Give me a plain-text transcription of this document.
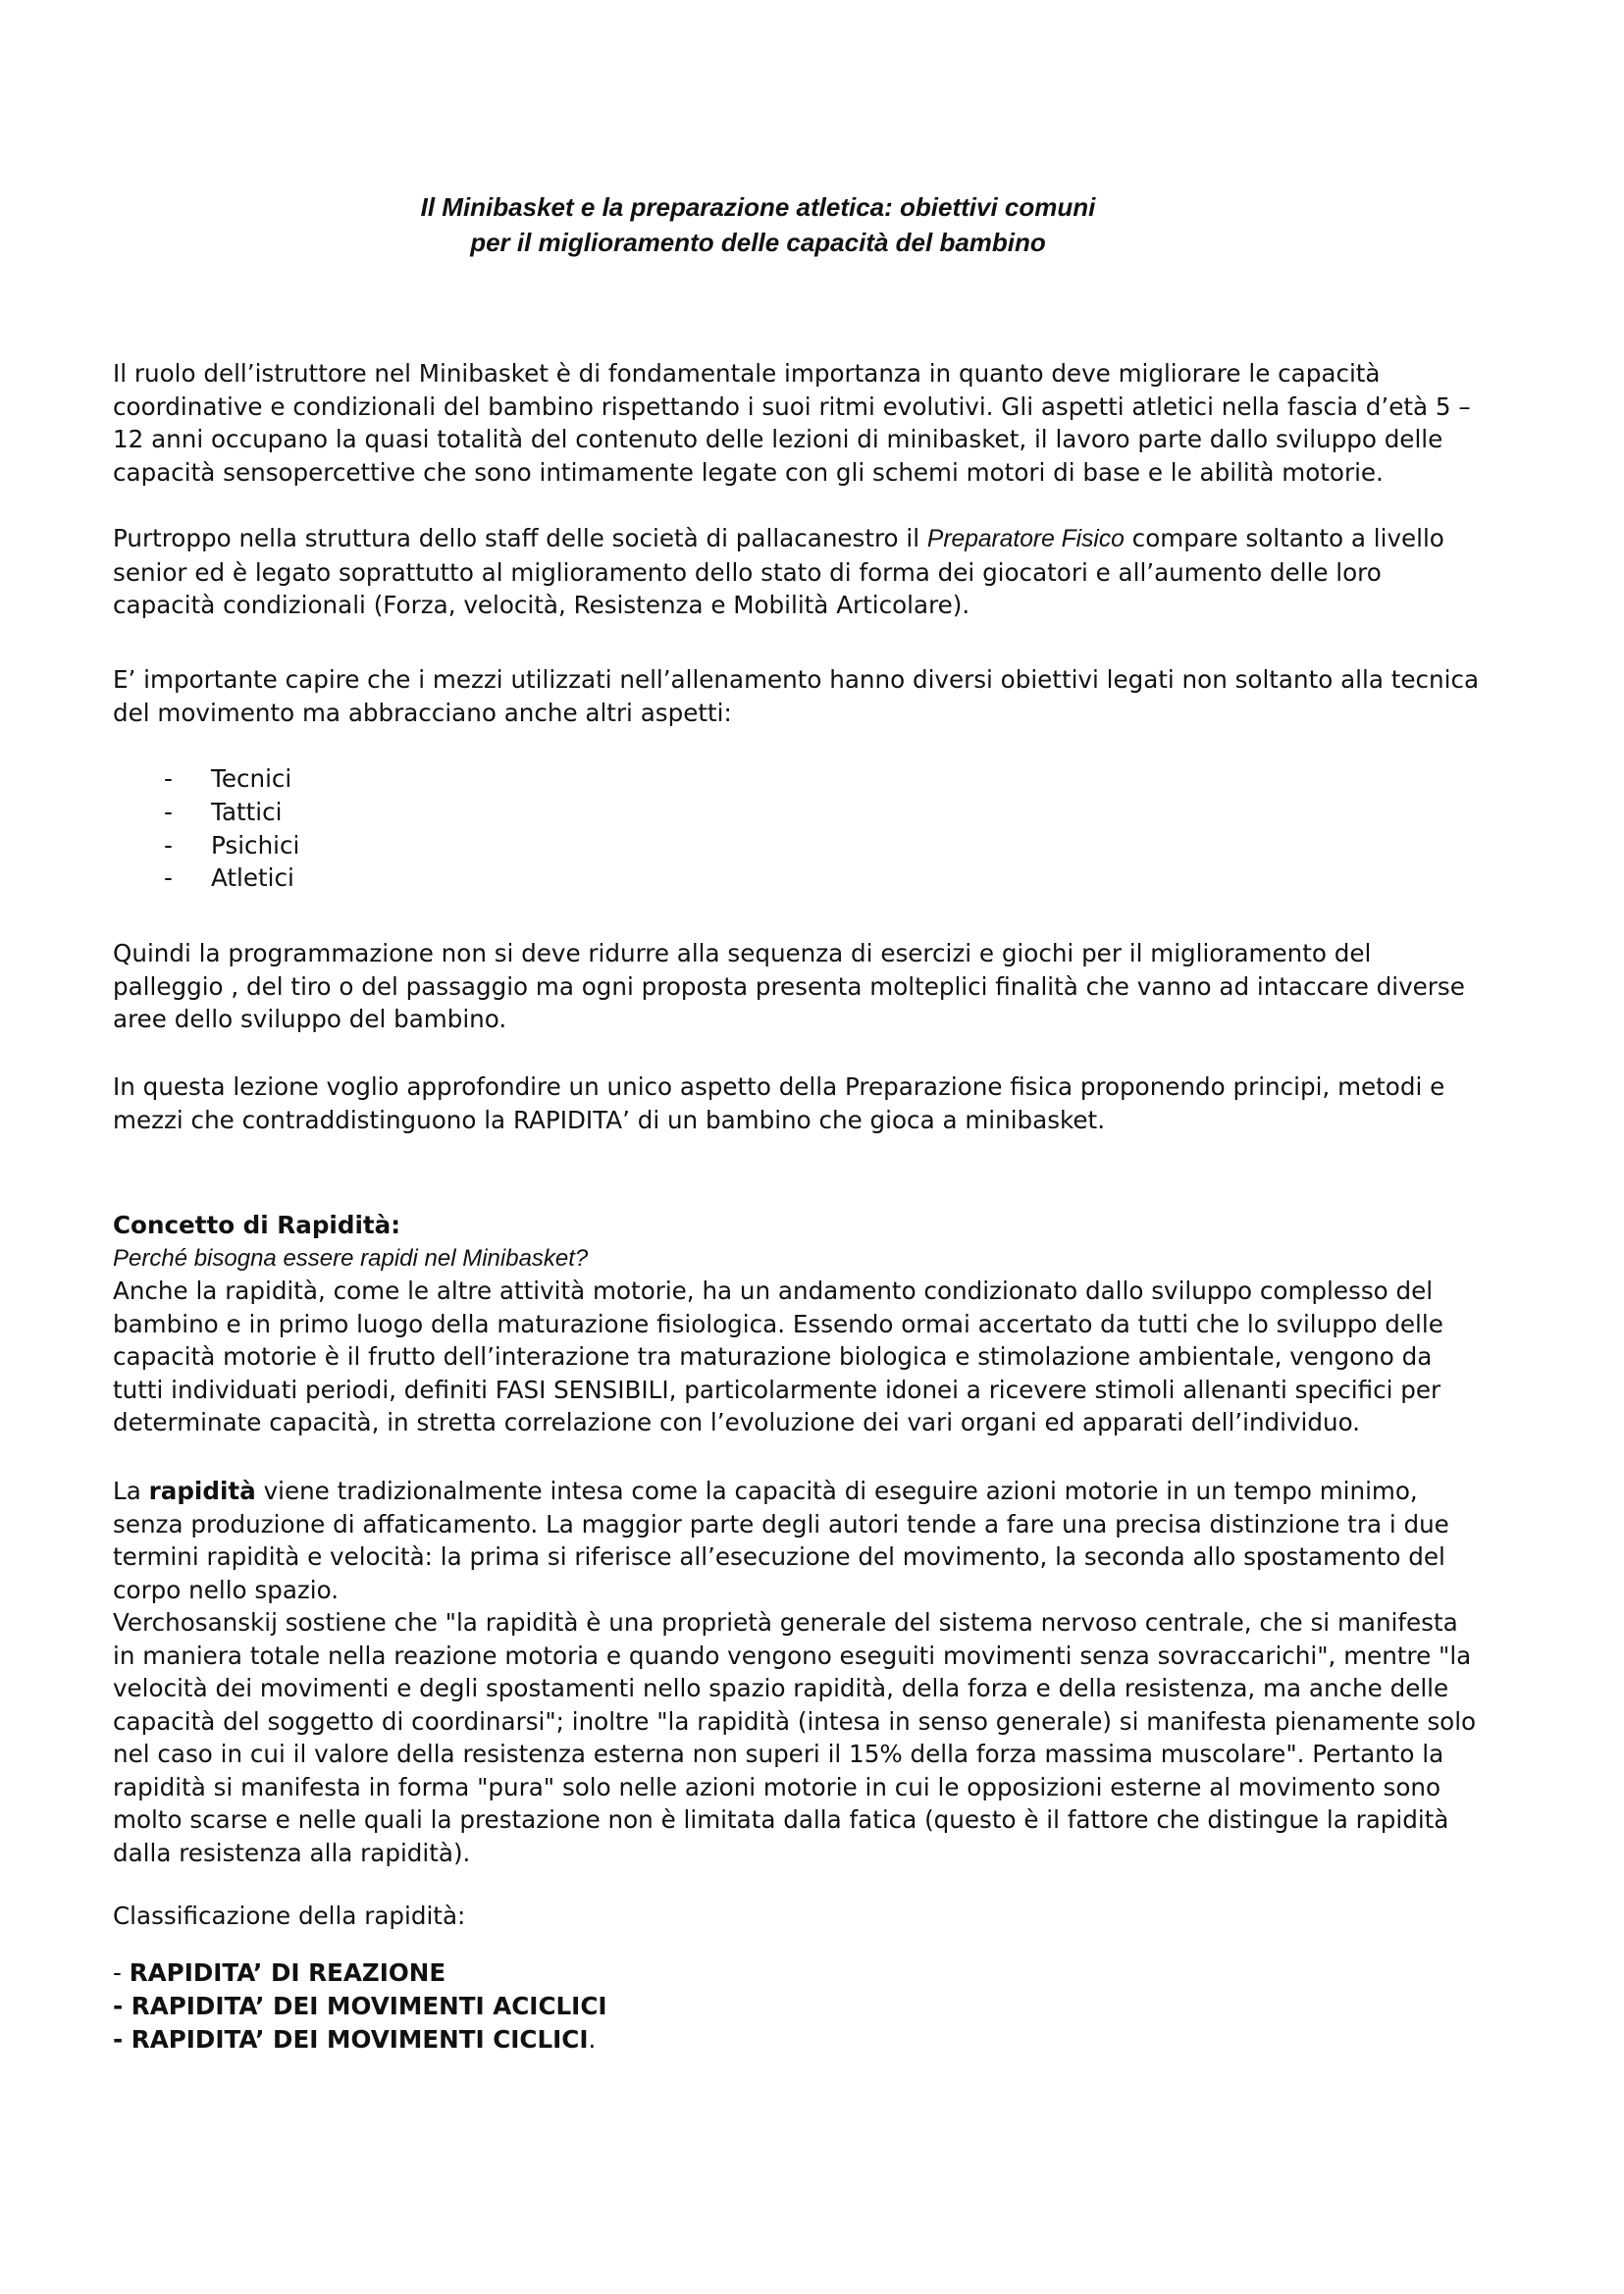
Il Minibasket e la preparazione atletica: obiettivi comuni
per il miglioramento delle capacità del bambino

Il ruolo dell’istruttore nel Minibasket è di fondamentale importanza in quanto deve migliorare le capacità coordinative e condizionali del bambino rispettando i suoi ritmi evolutivi. Gli aspetti atletici nella fascia d’età 5 – 12 anni occupano la quasi totalità del contenuto delle lezioni di minibasket, il lavoro parte dallo sviluppo delle capacità sensopercettive che sono intimamente legate con gli schemi motori di base e le abilità motorie.

Purtroppo nella struttura dello staff delle società di pallacanestro il Preparatore Fisico compare soltanto a livello senior ed è legato soprattutto al miglioramento dello stato di forma dei giocatori e all’aumento delle loro capacità condizionali (Forza, velocità, Resistenza e Mobilità Articolare).

E’ importante capire che i mezzi utilizzati nell’allenamento hanno diversi obiettivi legati non soltanto alla tecnica del movimento ma abbracciano anche altri aspetti:

- Tecnici
- Tattici
- Psichici
- Atletici

Quindi la programmazione non si deve ridurre alla sequenza di esercizi e giochi per il miglioramento del palleggio , del tiro o del passaggio ma ogni proposta presenta molteplici finalità che vanno ad intaccare diverse aree dello sviluppo del bambino.

In questa lezione voglio approfondire un unico aspetto della Preparazione fisica proponendo principi, metodi e mezzi che contraddistinguono la RAPIDITA’ di un bambino che gioca a minibasket.

Concetto di Rapidità:

Perché bisogna essere rapidi nel Minibasket?

Anche la rapidità, come le altre attività motorie, ha un andamento condizionato dallo sviluppo complesso del bambino e in primo luogo della maturazione fisiologica. Essendo ormai accertato da tutti che lo sviluppo delle capacità motorie è il frutto dell’interazione tra maturazione biologica e stimolazione ambientale, vengono da tutti individuati periodi, definiti FASI SENSIBILI, particolarmente idonei a ricevere stimoli allenanti specifici per determinate capacità, in stretta correlazione con l’evoluzione dei vari organi ed apparati dell’individuo.

La rapidità viene tradizionalmente intesa come la capacità di eseguire azioni motorie in un tempo minimo, senza produzione di affaticamento. La maggior parte degli autori tende a fare una precisa distinzione tra i due termini rapidità e velocità: la prima si riferisce all’esecuzione del movimento, la seconda allo spostamento del corpo nello spazio.

Verchosanskij sostiene che "la rapidità è una proprietà generale del sistema nervoso centrale, che si manifesta in maniera totale nella reazione motoria e quando vengono eseguiti movimenti senza sovraccarichi", mentre "la velocità dei movimenti e degli spostamenti nello spazio rapidità, della forza e della resistenza, ma anche delle capacità del soggetto di coordinarsi"; inoltre "la rapidità (intesa in senso generale) si manifesta pienamente solo nel caso in cui il valore della resistenza esterna non superi il 15% della forza massima muscolare". Pertanto la rapidità si manifesta in forma "pura" solo nelle azioni motorie in cui le opposizioni esterne al movimento sono molto scarse e nelle quali la prestazione non è limitata dalla fatica (questo è il fattore che distingue la rapidità dalla resistenza alla rapidità).

Classificazione della rapidità:

- RAPIDITA’ DI REAZIONE
- RAPIDITA’ DEI MOVIMENTI ACICLICI
- RAPIDITA’ DEI MOVIMENTI CICLICI.
